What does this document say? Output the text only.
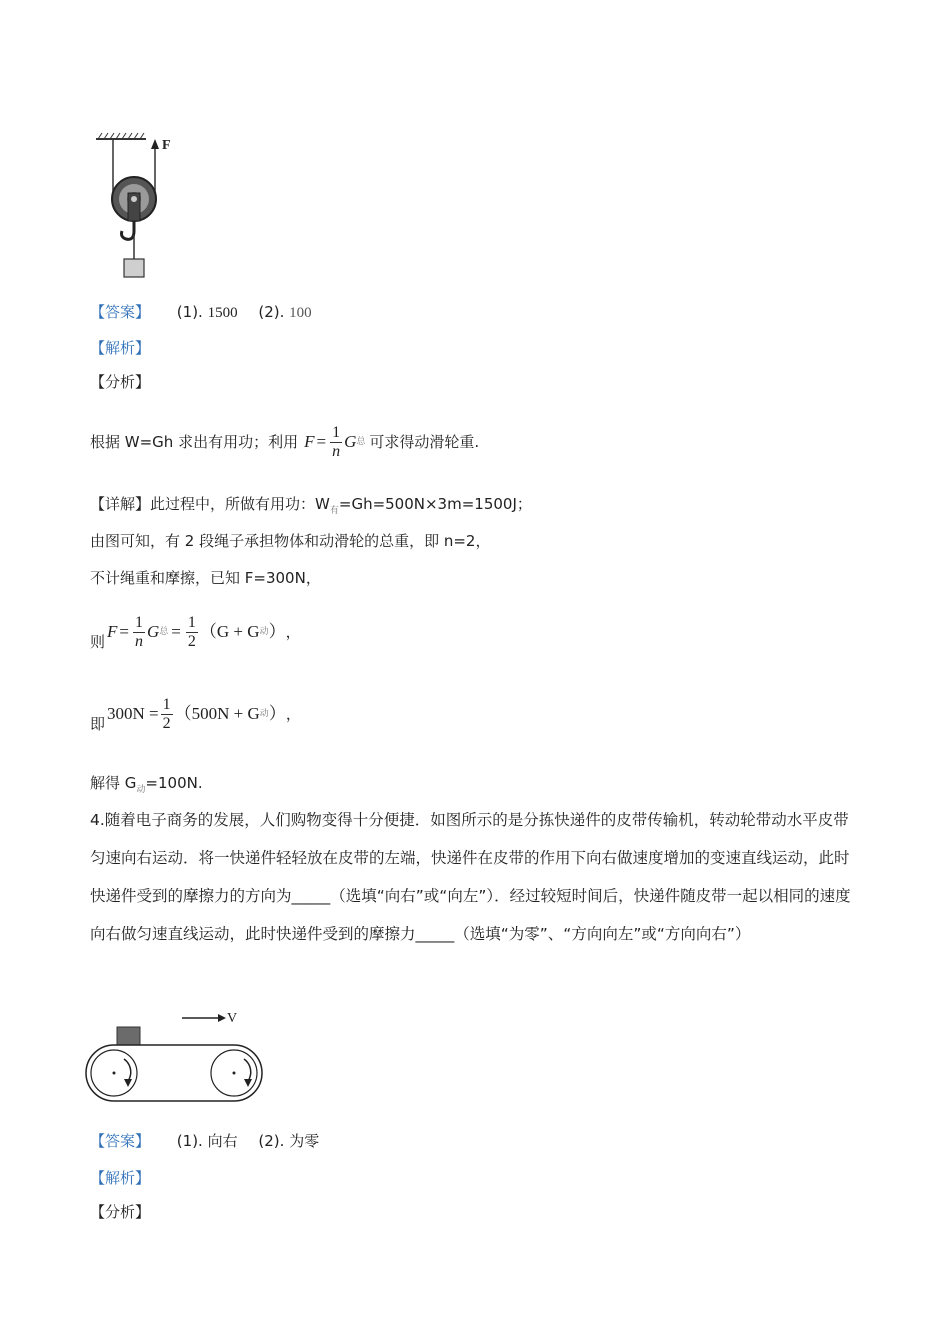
F
【答案】 (1). 1500 (2). 100
【解析】
【分析】
根据 W=Gh 求出有用功；利用 $F = \frac{1}{n}$ G 总 可求得动滑轮重.
【详解】此过程中，所做有用功：$W_有=Gh=500N\times 3m=1500J$；
由图可知，有 2 段绳子承担物体和动滑轮的总重，即 n=2，
不计绳重和摩擦，已知 F=300N，
则
$F = \frac{1}{n}$ G 总 = $\frac{1}{2} (G + G$ 动 ） ，
即
$300N = \frac{1}{2} (500N + G$ 动 ） ，
解得 $G_动=100N$.
4.随着电子商务的发展，人们购物变得十分便捷．如图所示的是分拣快递件的皮带传输机，转动轮带动水平皮带匀速向右运动．将一快递件轻轻放在皮带的左端，快递件在皮带的作用下向右做速度增加的变速直线运动，此时快递件受到的摩擦力的方向为_____（选填“向右”或“向左”）．经过较短时间后，快递件随皮带一起以相同的速度向右做匀速直线运动，此时快递件受到的摩擦力_____（选填“为零”、“方向向左”或“方向向右”）
V
【答案】 (1). 向右 (2). 为零
【解析】
【分析】
